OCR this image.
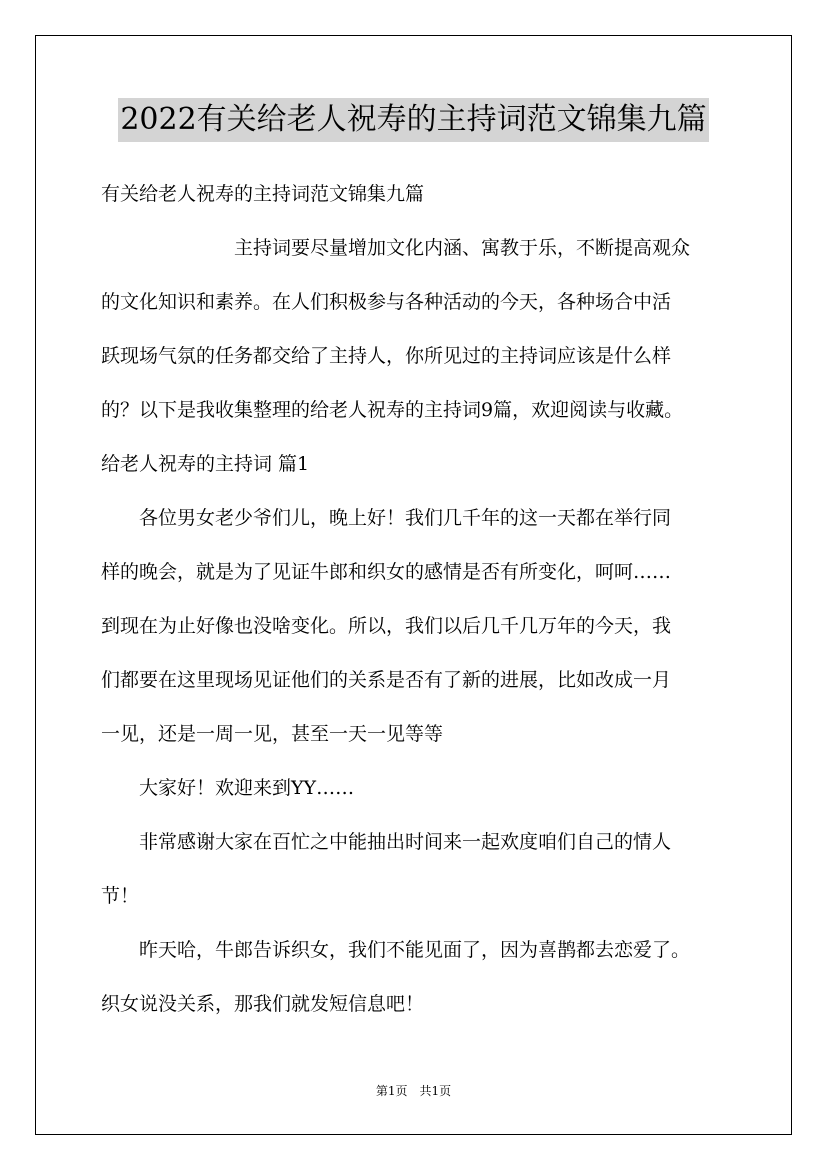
2022有关给老人祝寿的主持词范文锦集九篇
有关给老人祝寿的主持词范文锦集九篇
　　　　　　　主持词要尽量增加文化内涵、寓教于乐，不断提高观众
的文化知识和素养。在人们积极参与各种活动的今天，各种场合中活
跃现场气氛的任务都交给了主持人，你所见过的主持词应该是什么样
的？以下是我收集整理的给老人祝寿的主持词9篇，欢迎阅读与收藏。
给老人祝寿的主持词 篇1
　　各位男女老少爷们儿，晚上好！我们几千年的这一天都在举行同
样的晚会，就是为了见证牛郎和织女的感情是否有所变化，呵呵……
到现在为止好像也没啥变化。所以，我们以后几千几万年的今天，我
们都要在这里现场见证他们的关系是否有了新的进展，比如改成一月
一见，还是一周一见，甚至一天一见等等
　　大家好！欢迎来到YY……
　　非常感谢大家在百忙之中能抽出时间来一起欢度咱们自己的情人
节！
　　昨天哈，牛郎告诉织女，我们不能见面了，因为喜鹊都去恋爱了。
织女说没关系，那我们就发短信息吧！
第1页　共1页
